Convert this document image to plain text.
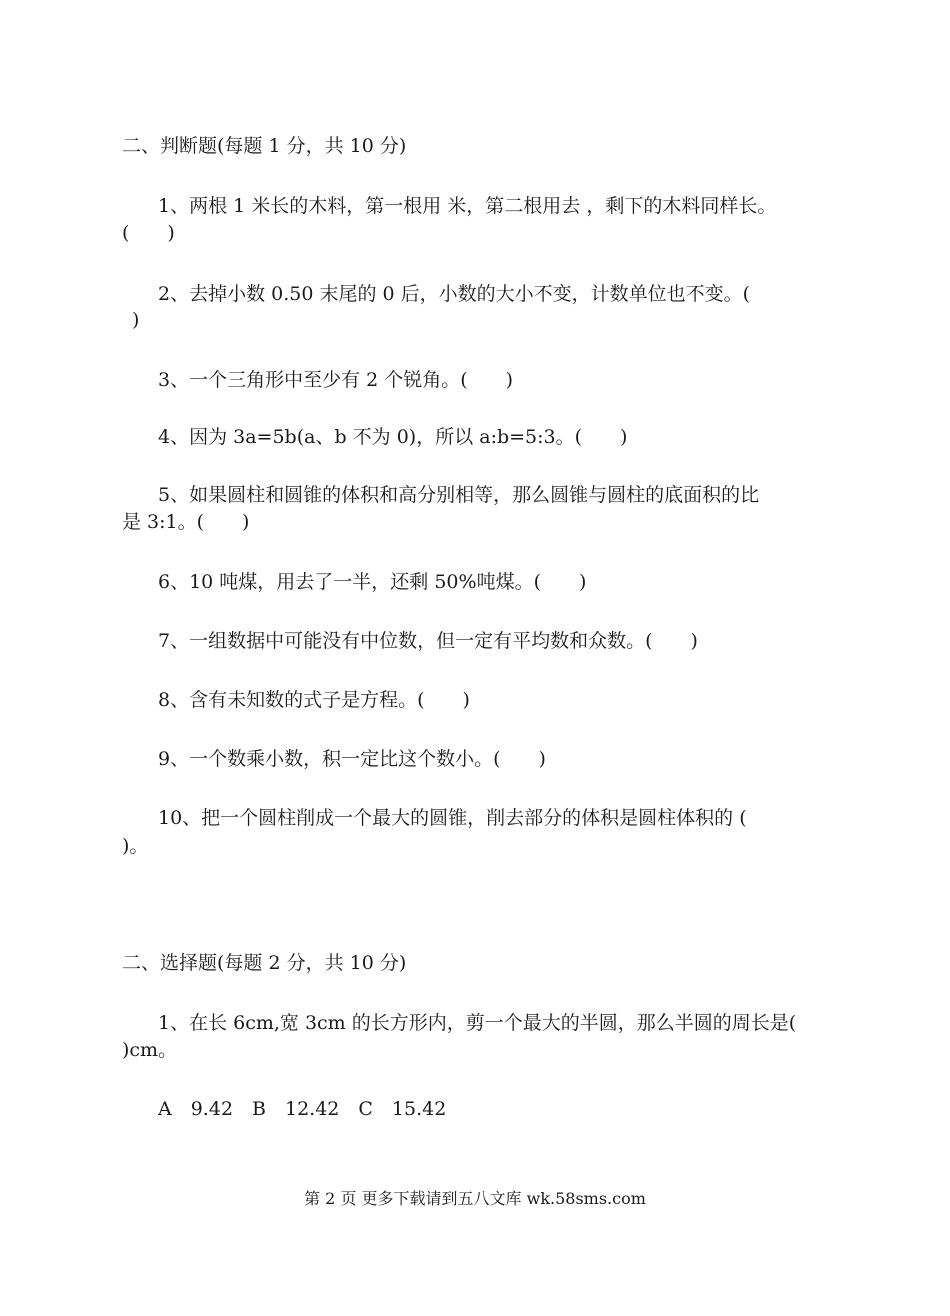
二、判断题(每题 1 分，共 10 分)
1、两根 1 米长的木料，第一根用 米，第二根用去 ，剩下的木料同样长。
(　　)
2、去掉小数 0.50 末尾的 0 后，小数的大小不变，计数单位也不变。(
)
3、一个三角形中至少有 2 个锐角。(　　)
4、因为 3a=5b(a、b 不为 0)，所以 a:b=5:3。(　　)
5、如果圆柱和圆锥的体积和高分别相等，那么圆锥与圆柱的底面积的比
是 3:1。(　　)
6、10 吨煤，用去了一半，还剩 50%吨煤。(　　)
7、一组数据中可能没有中位数，但一定有平均数和众数。(　　)
8、含有未知数的式子是方程。(　　)
9、一个数乘小数，积一定比这个数小。(　　)
10、把一个圆柱削成一个最大的圆锥，削去部分的体积是圆柱体积的 (
)。
二、选择题(每题 2 分，共 10 分)
1、在长 6cm,宽 3cm 的长方形内，剪一个最大的半圆，那么半圆的周长是(
)cm。
A　9.42　B　12.42　C　15.42
第 2 页 更多下载请到五八文库 wk.58sms.com
